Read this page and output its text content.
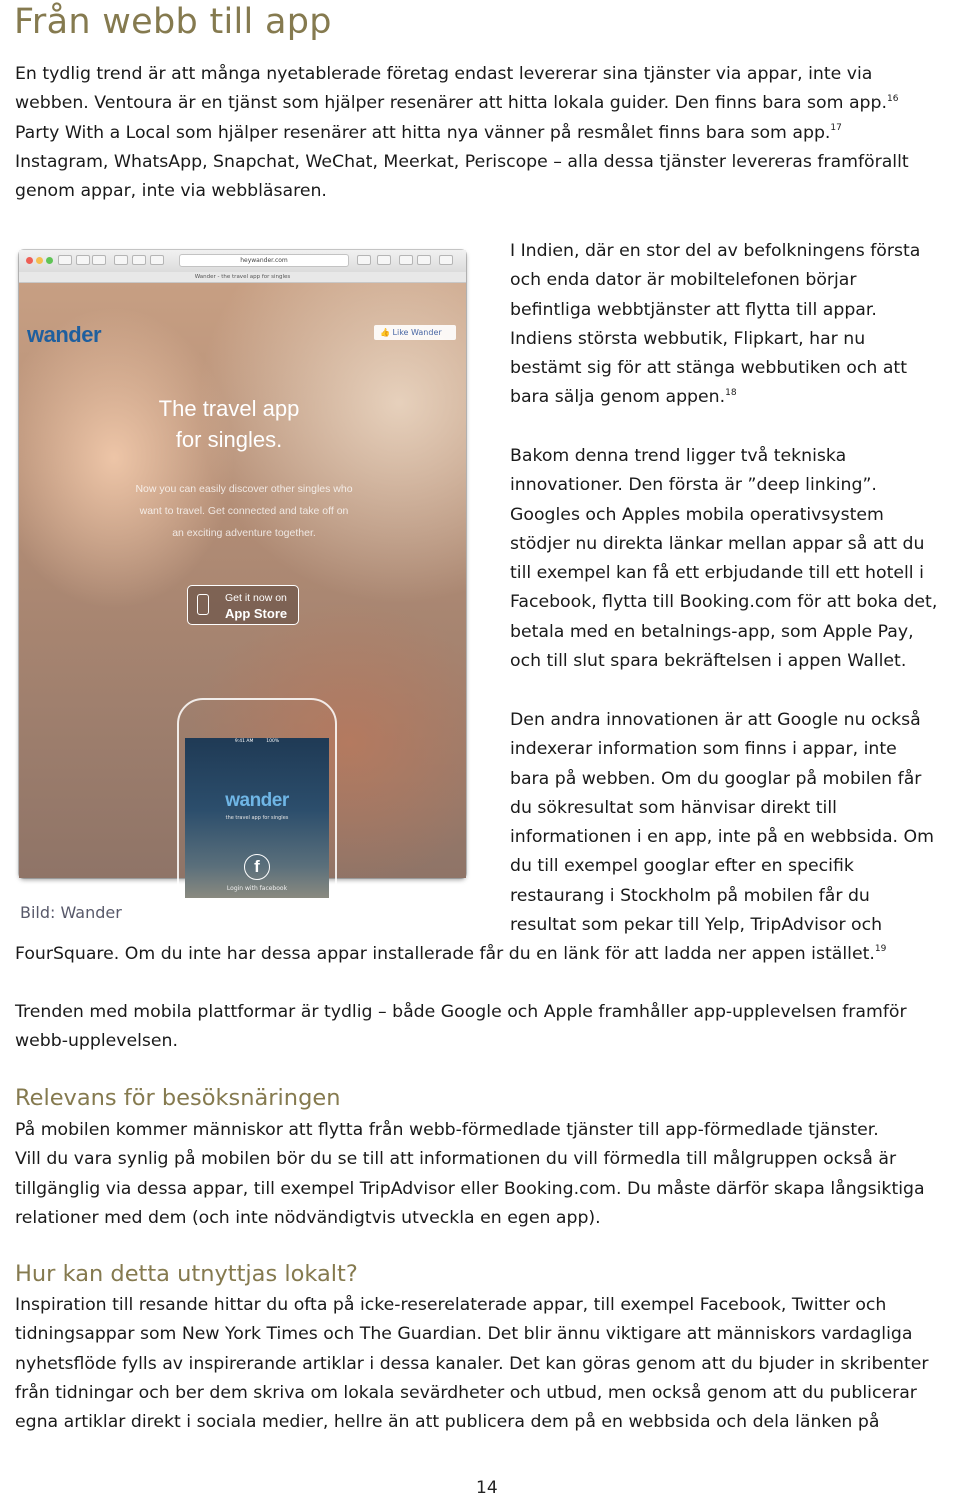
Från webb till app
En tydlig trend är att många nyetablerade företag endast levererar sina tjänster via appar, inte via
webben. Ventoura är en tjänst som hjälper resenärer att hitta lokala guider. Den finns bara som app.$^{16}$
Party With a Local som hjälper resenärer att hitta nya vänner på resmålet finns bara som app.$^{17}$
Instagram, WhatsApp, Snapchat, WeChat, Meerkat, Periscope – alla dessa tjänster levereras framförallt
genom appar, inte via webbläsaren.
heywander.com
Wander - the travel app for singles
wander	👍 Like Wander
The travel app
for singles.
Now you can easily discover other singles who
want to travel. Get connected and take off on
an exciting adventure together.
Get it now on
App Store
9:41 AM	100%
wander
the travel app for singles
f
Login with facebook
I Indien, där en stor del av befolkningens första
och enda dator är mobiltelefonen börjar
befintliga webbtjänster att flytta till appar.
Indiens största webbutik, Flipkart, har nu
bestämt sig för att stänga webbutiken och att
bara sälja genom appen.$^{18}$
Bakom denna trend ligger två tekniska
innovationer. Den första är ”deep linking”.
Googles och Apples mobila operativsystem
stödjer nu direkta länkar mellan appar så att du
till exempel kan få ett erbjudande till ett hotell i
Facebook, flytta till Booking.com för att boka det,
betala med en betalnings-app, som Apple Pay,
och till slut spara bekräftelsen i appen Wallet.
Den andra innovationen är att Google nu också
indexerar information som finns i appar, inte
bara på webben. Om du googlar på mobilen får
du sökresultat som hänvisar direkt till
informationen i en app, inte på en webbsida. Om
du till exempel googlar efter en specifik
restaurang i Stockholm på mobilen får du
resultat som pekar till Yelp, TripAdvisor och
Bild: Wander
FourSquare. Om du inte har dessa appar installerade får du en länk för att ladda ner appen istället.$^{19}$
Trenden med mobila plattformar är tydlig – både Google och Apple framhåller app-upplevelsen framför
webb-upplevelsen.
Relevans för besöksnäringen
På mobilen kommer människor att flytta från webb-förmedlade tjänster till app-förmedlade tjänster.
Vill du vara synlig på mobilen bör du se till att informationen du vill förmedla till målgruppen också är
tillgänglig via dessa appar, till exempel TripAdvisor eller Booking.com. Du måste därför skapa långsiktiga
relationer med dem (och inte nödvändigtvis utveckla en egen app).
Hur kan detta utnyttjas lokalt?
Inspiration till resande hittar du ofta på icke-reserelaterade appar, till exempel Facebook, Twitter och
tidningsappar som New York Times och The Guardian. Det blir ännu viktigare att människors vardagliga
nyhetsflöde fylls av inspirerande artiklar i dessa kanaler. Det kan göras genom att du bjuder in skribenter
från tidningar och ber dem skriva om lokala sevärdheter och utbud, men också genom att du publicerar
egna artiklar direkt i sociala medier, hellre än att publicera dem på en webbsida och dela länken på
14
